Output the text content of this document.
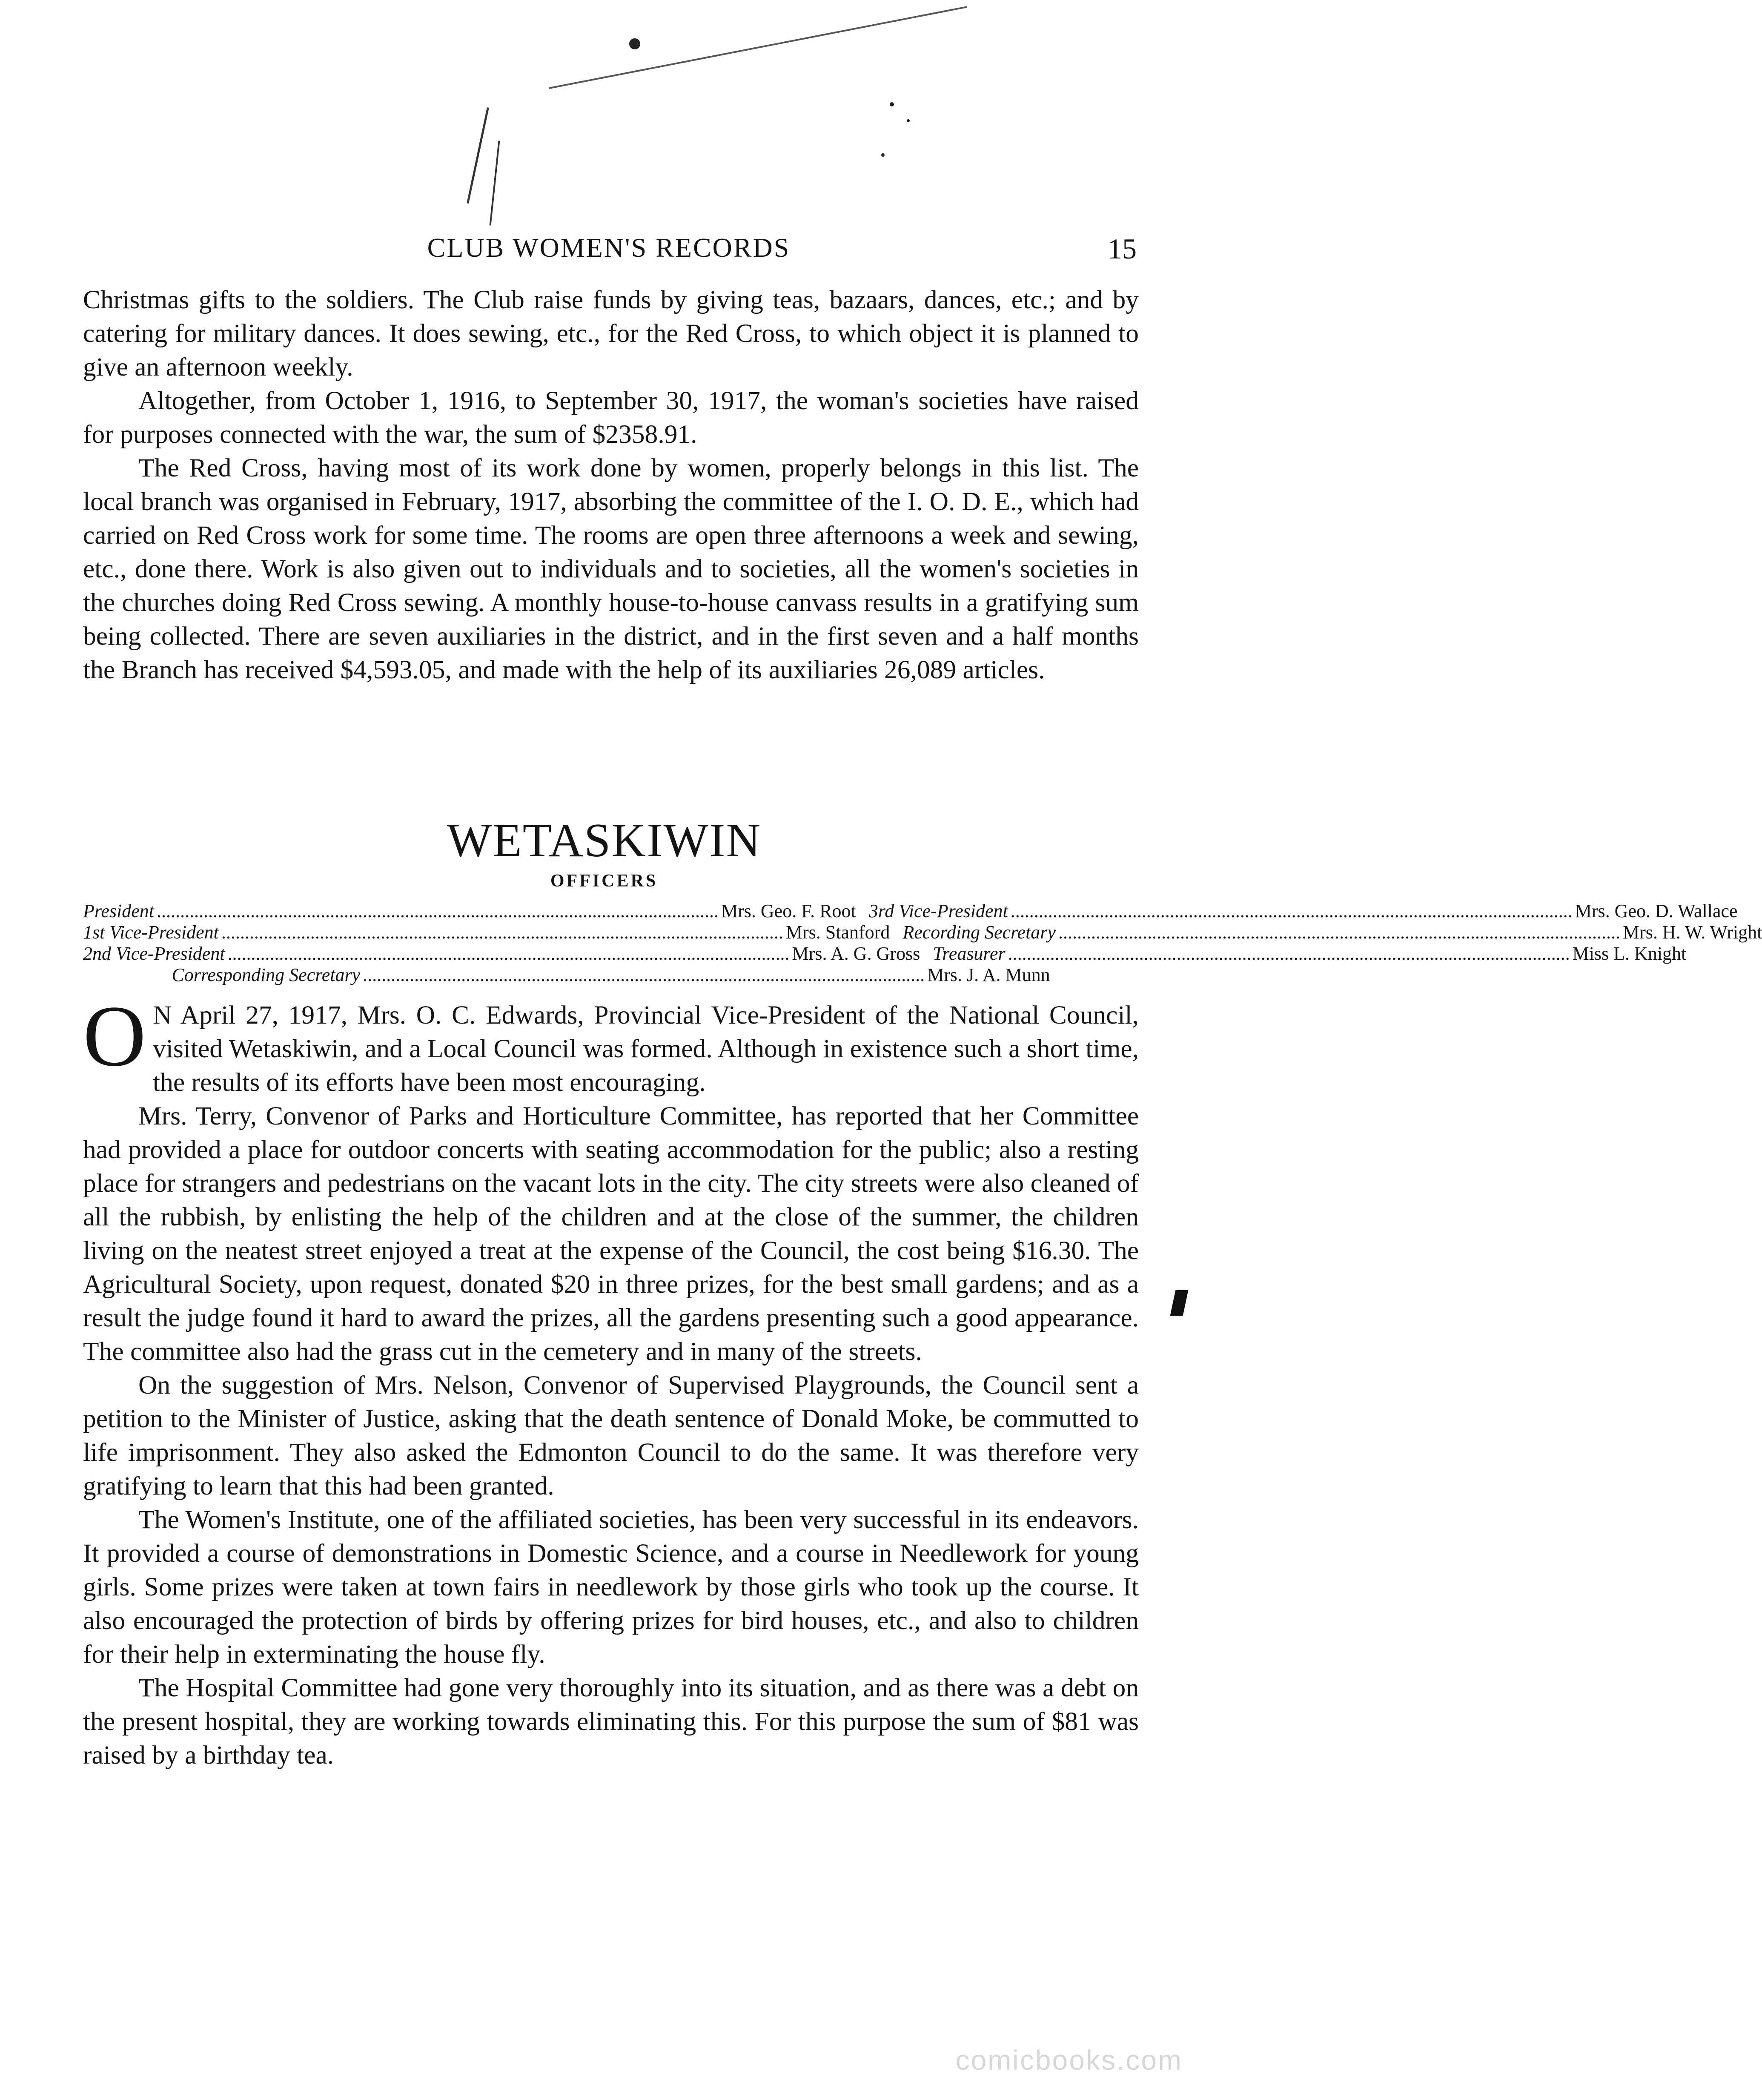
CLUB WOMEN'S RECORDS	15

Christmas gifts to the soldiers. The Club raise funds by giving teas, bazaars, dances, etc.; and by catering for military dances. It does sewing, etc., for the Red Cross, to which object it is planned to give an afternoon weekly.

Altogether, from October 1, 1916, to September 30, 1917, the woman's societies have raised for purposes connected with the war, the sum of $2358.91.

The Red Cross, having most of its work done by women, properly belongs in this list. The local branch was organised in February, 1917, absorbing the committee of the I. O. D. E., which had carried on Red Cross work for some time. The rooms are open three afternoons a week and sewing, etc., done there. Work is also given out to individuals and to societies, all the women's societies in the churches doing Red Cross sewing. A monthly house-to-house canvass results in a gratifying sum being collected. There are seven auxiliaries in the district, and in the first seven and a half months the Branch has received $4,593.05, and made with the help of its auxiliaries 26,089 articles.

WETASKIWIN
OFFICERS
President .....	Mrs. Geo. F. Root 3rd Vice-President .....	Mrs. Geo. D. Wallace
1st Vice-President .....	Mrs. Stanford Recording Secretary .....	Mrs. H. W. Wright
2nd Vice-President .....	Mrs. A. G. Gross Treasurer .....	Miss L. Knight
Corresponding Secretary .....	Mrs. J. A. Munn

O N April 27, 1917, Mrs. O. C. Edwards, Provincial Vice-President of the National Council, visited Wetaskiwin, and a Local Council was formed. Although in existence such a short time, the results of its efforts have been most encouraging.

Mrs. Terry, Convenor of Parks and Horticulture Committee, has reported that her Committee had provided a place for outdoor concerts with seating accommodation for the public; also a resting place for strangers and pedestrians on the vacant lots in the city. The city streets were also cleaned of all the rubbish, by enlisting the help of the children and at the close of the summer, the children living on the neatest street enjoyed a treat at the expense of the Council, the cost being $16.30. The Agricultural Society, upon request, donated $20 in three prizes, for the best small gardens; and as a result the judge found it hard to award the prizes, all the gardens presenting such a good appearance. The committee also had the grass cut in the cemetery and in many of the streets.

On the suggestion of Mrs. Nelson, Convenor of Supervised Playgrounds, the Council sent a petition to the Minister of Justice, asking that the death sentence of Donald Moke, be commutted to life imprisonment. They also asked the Edmonton Council to do the same. It was therefore very gratifying to learn that this had been granted.

The Women's Institute, one of the affiliated societies, has been very successful in its endeavors. It provided a course of demonstrations in Domestic Science, and a course in Needlework for young girls. Some prizes were taken at town fairs in needlework by those girls who took up the course. It also encouraged the protection of birds by offering prizes for bird houses, etc., and also to children for their help in exterminating the house fly.

The Hospital Committee had gone very thoroughly into its situation, and as there was a debt on the present hospital, they are working towards eliminating this. For this purpose the sum of $81 was raised by a birthday tea.

comicbooks.com
